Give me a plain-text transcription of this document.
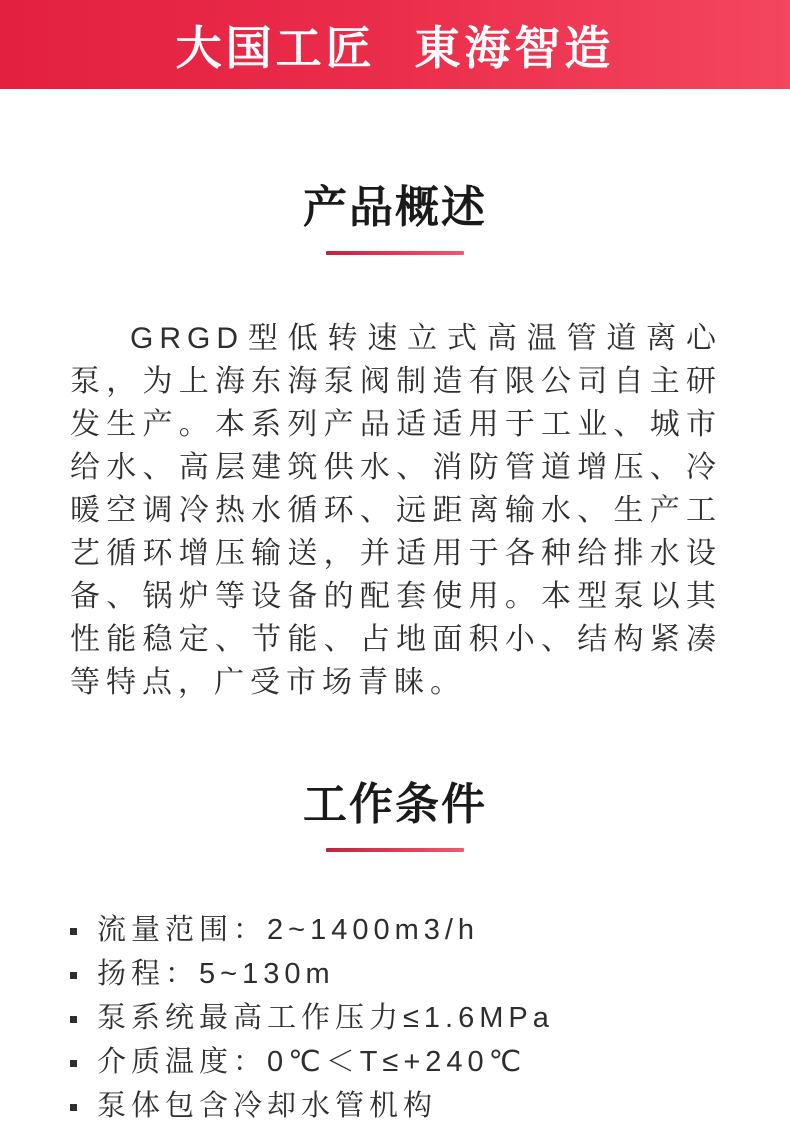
大国工匠 東海智造
产品概述

GRGD型低转速立式高温管道离心泵，为上海东海泵阀制造有限公司自主研发生产。本系列产品适适用于工业、城市给水、高层建筑供水、消防管道增压、冷暖空调冷热水循环、远距离输水、生产工艺循环增压输送，并适用于各种给排水设备、锅炉等设备的配套使用。本型泵以其性能稳定、节能、占地面积小、结构紧凑等特点，广受市场青睐。

工作条件
流量范围：2~1400m3/h
扬程：5~130m
泵系统最高工作压力≤1.6MPa
介质温度：0℃＜T≤+240℃
泵体包含冷却水管机构
